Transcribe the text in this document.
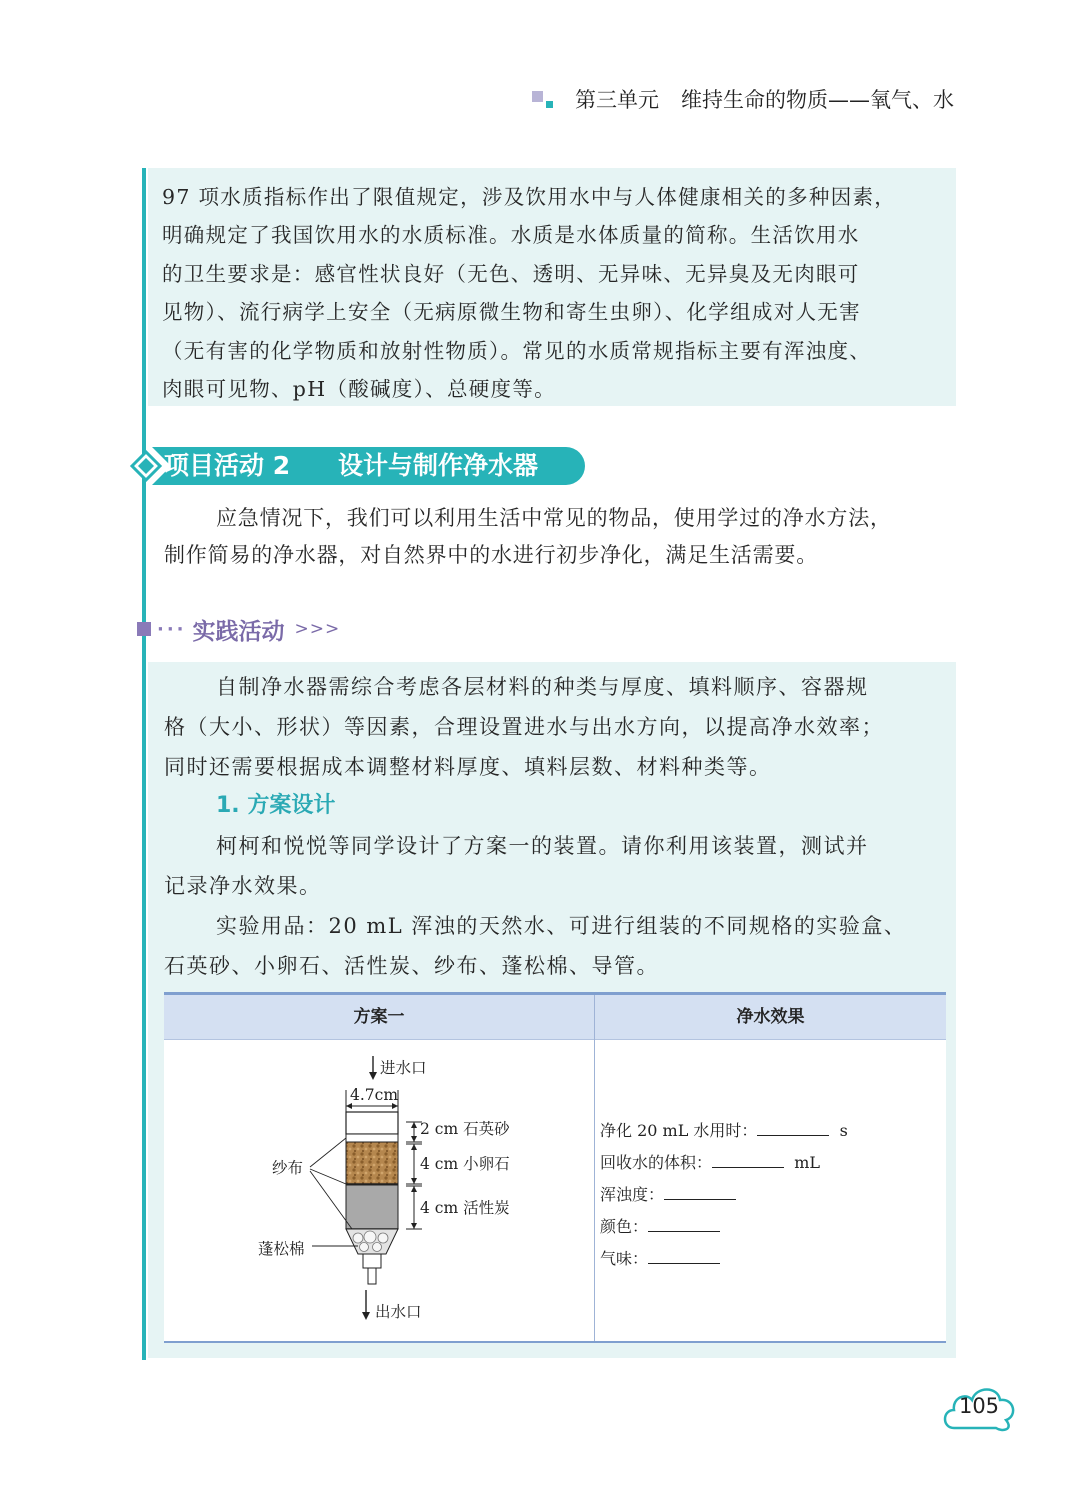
第三单元 维持生命的物质——氧气、水
97 项水质指标作出了限值规定，涉及饮用水中与人体健康相关的多种因素，
明确规定了我国饮用水的水质标准。水质是水体质量的简称。生活饮用水
的卫生要求是：感官性状良好（无色、透明、无异味、无异臭及无肉眼可
见物）、流行病学上安全（无病原微生物和寄生虫卵）、化学组成对人无害
（无有害的化学物质和放射性物质）。常见的水质常规指标主要有浑浊度、
肉眼可见物、pH（酸碱度）、总硬度等。
项目活动 2 设计与制作净水器
应急情况下，我们可以利用生活中常见的物品，使用学过的净水方法，
制作简易的净水器，对自然界中的水进行初步净化，满足生活需要。
··· 实践活动 >>>
自制净水器需综合考虑各层材料的种类与厚度、填料顺序、容器规
格（大小、形状）等因素，合理设置进水与出水方向，以提高净水效率；
同时还需要根据成本调整材料厚度、填料层数、材料种类等。
1. 方案设计
柯柯和悦悦等同学设计了方案一的装置。请你利用该装置，测试并
记录净水效果。
实验用品：20 mL 浑浊的天然水、可进行组装的不同规格的实验盒、
石英砂、小卵石、活性炭、纱布、蓬松棉、导管。
方案一	净水效果
进水口
4.7cm
2 cm 石英砂
4 cm 小卵石
4 cm 活性炭
纱布
蓬松棉
出水口
净化 20 mL 水用时：	s
回收水的体积：	mL
浑浊度：
颜色：
气味：
105
